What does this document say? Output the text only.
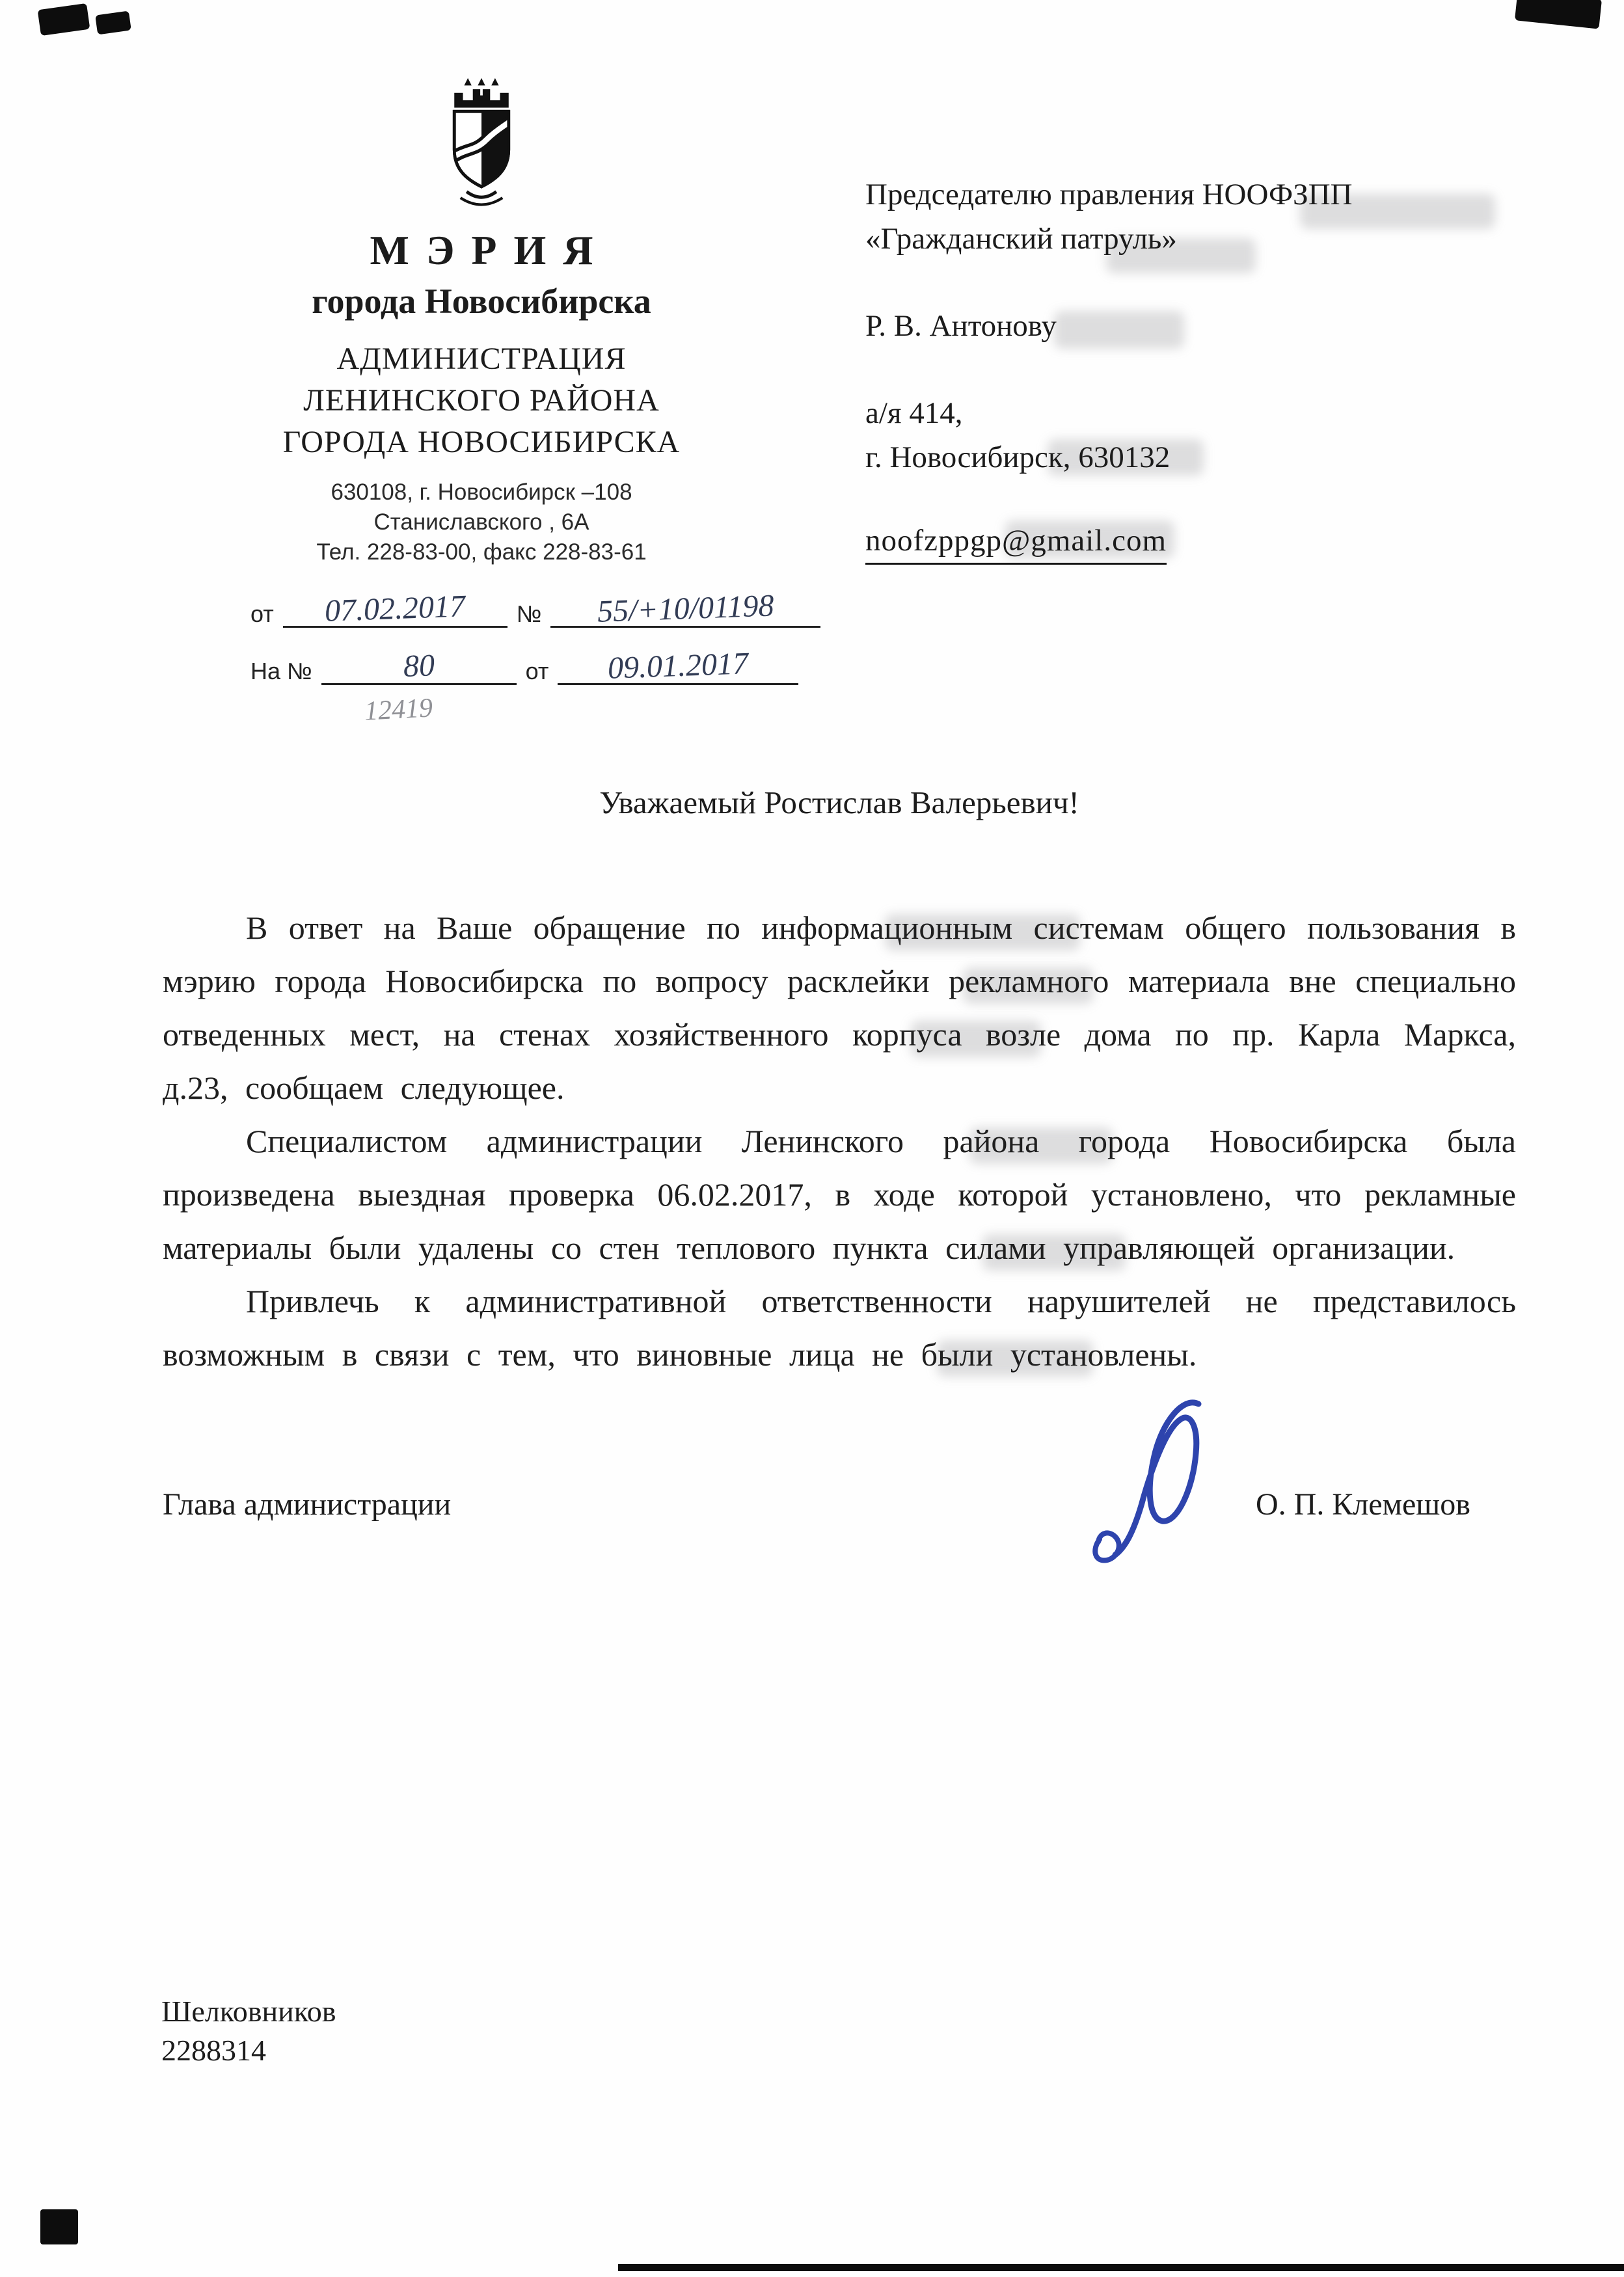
МЭРИЯ
города Новосибирска
АДМИНИСТРАЦИЯ
ЛЕНИНСКОГО РАЙОНА
ГОРОДА НОВОСИБИРСКА
630108, г. Новосибирск –108
Станиславского , 6А
Тел. 228-83-00, факс 228-83-61
от	07.02.2017	№	55/+10/01198
На №	80	от	09.01.2017
12419
Председателю правления НООФЗПП
«Гражданский патруль»
Р. В. Антонову
а/я 414,
г. Новосибирск, 630132
noofzppgp@gmail.com
Уважаемый Ростислав Валерьевич!

В ответ на Ваше обращение по информационным системам общего пользования в мэрию города Новосибирска по вопросу расклейки рекламного материала вне специально отведенных мест, на стенах хозяйственного корпуса возле дома по пр. Карла Маркса, д.23, сообщаем следующее.

Специалистом администрации Ленинского района города Новосибирска была произведена выездная проверка 06.02.2017, в ходе которой установлено, что рекламные материалы были удалены со стен теплового пункта силами управляющей организации.

Привлечь к административной ответственности нарушителей не представилось возможным в связи с тем, что виновные лица не были установлены.

Глава администрации	О. П. Клемешов
Шелковников
2288314
